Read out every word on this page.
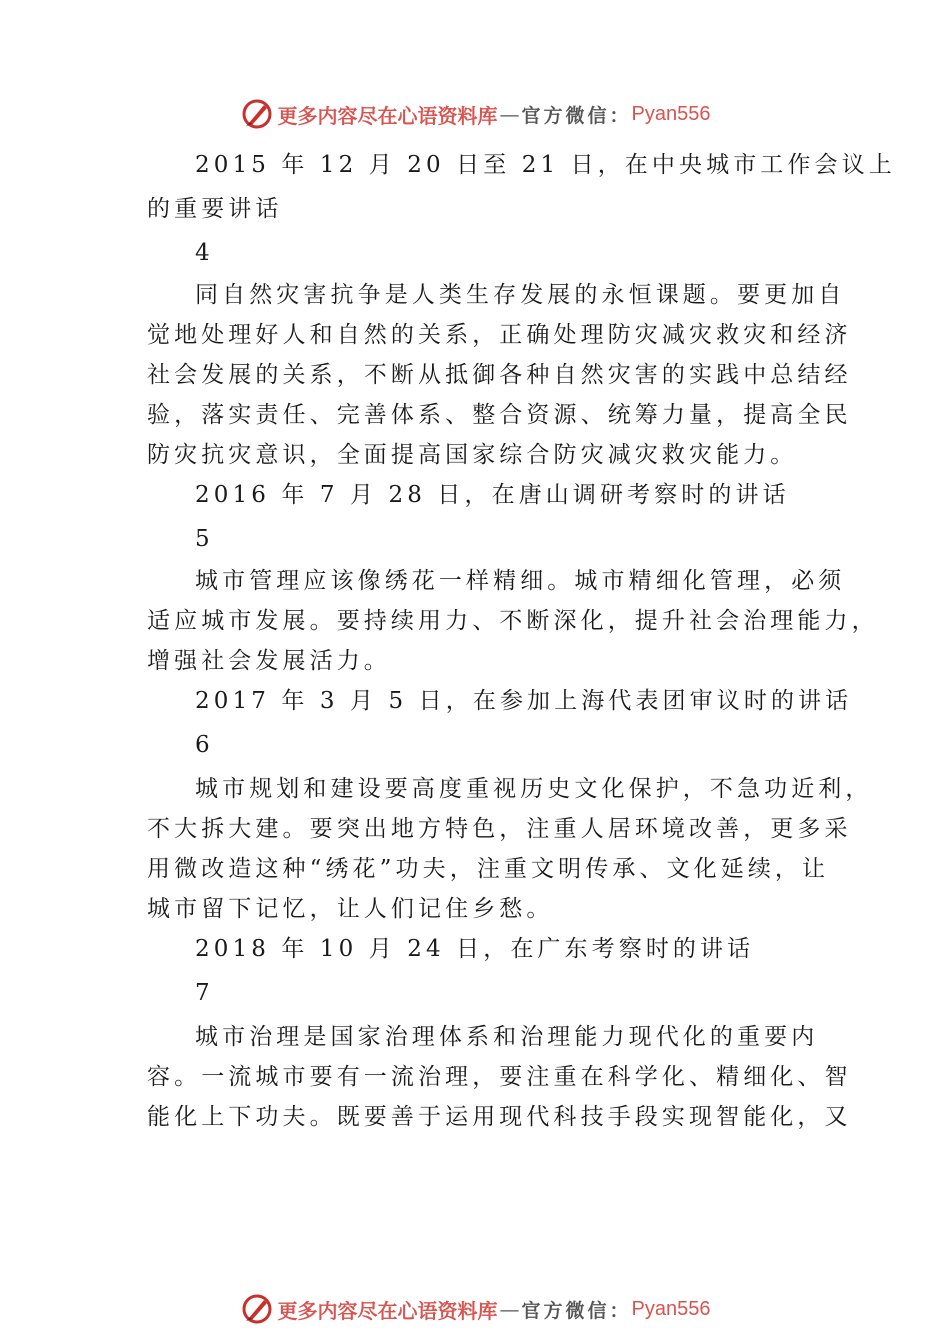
更多内容尽在心语资料库 — 官方微信： Pyan556
2015 年 12 月 20 日至 21 日，在中央城市工作会议上
的重要讲话
4
同自然灾害抗争是人类生存发展的永恒课题。要更加自
觉地处理好人和自然的关系，正确处理防灾减灾救灾和经济
社会发展的关系，不断从抵御各种自然灾害的实践中总结经
验，落实责任、完善体系、整合资源、统筹力量，提高全民
防灾抗灾意识，全面提高国家综合防灾减灾救灾能力。
2016 年 7 月 28 日，在唐山调研考察时的讲话
5
城市管理应该像绣花一样精细。城市精细化管理，必须
适应城市发展。要持续用力、不断深化，提升社会治理能力，
增强社会发展活力。
2017 年 3 月 5 日，在参加上海代表团审议时的讲话
6
城市规划和建设要高度重视历史文化保护，不急功近利，
不大拆大建。要突出地方特色，注重人居环境改善，更多采
用微改造这种“绣花”功夫，注重文明传承、文化延续，让
城市留下记忆，让人们记住乡愁。
2018 年 10 月 24 日，在广东考察时的讲话
7
城市治理是国家治理体系和治理能力现代化的重要内
容。一流城市要有一流治理，要注重在科学化、精细化、智
能化上下功夫。既要善于运用现代科技手段实现智能化，又
更多内容尽在心语资料库 — 官方微信： Pyan556
